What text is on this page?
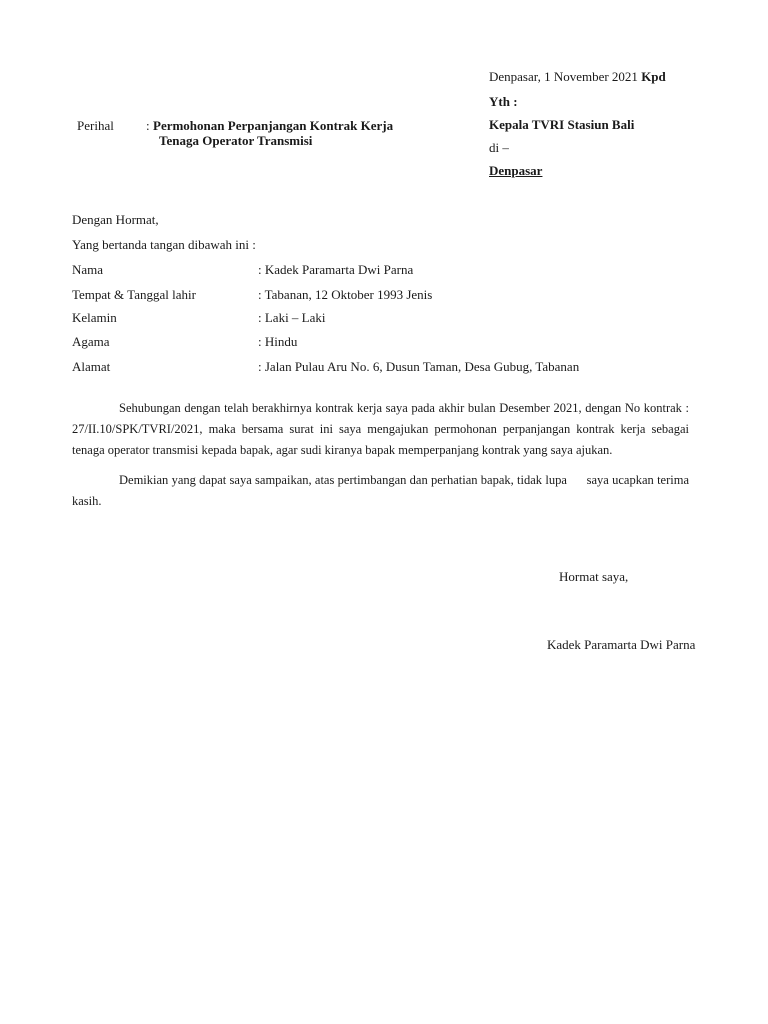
Denpasar, 1 November 2021 Kpd
Yth :
Kepala TVRI Stasiun Bali
di –
Denpasar
Perihal : Permohonan Perpanjangan Kontrak Kerja
Tenaga Operator Transmisi
Dengan Hormat,
Yang bertanda tangan dibawah ini :
Nama	: Kadek Paramarta Dwi Parna
Tempat & Tanggal lahir	: Tabanan, 12 Oktober 1993 Jenis
Kelamin	: Laki – Laki
Agama	: Hindu
Alamat	: Jalan Pulau Aru No. 6, Dusun Taman, Desa Gubug, Tabanan
Sehubungan dengan telah berakhirnya kontrak kerja saya pada akhir bulan Desember 2021, dengan No kontrak : 27/II.10/SPK/TVRI/2021, maka bersama surat ini saya mengajukan permohonan perpanjangan kontrak kerja sebagai tenaga operator transmisi kepada bapak, agar sudi kiranya bapak memperpanjang kontrak yang saya ajukan.
Demikian yang dapat saya sampaikan, atas pertimbangan dan perhatian bapak, tidak lupa      saya ucapkan terima kasih.
Hormat saya,
Kadek Paramarta Dwi Parna
